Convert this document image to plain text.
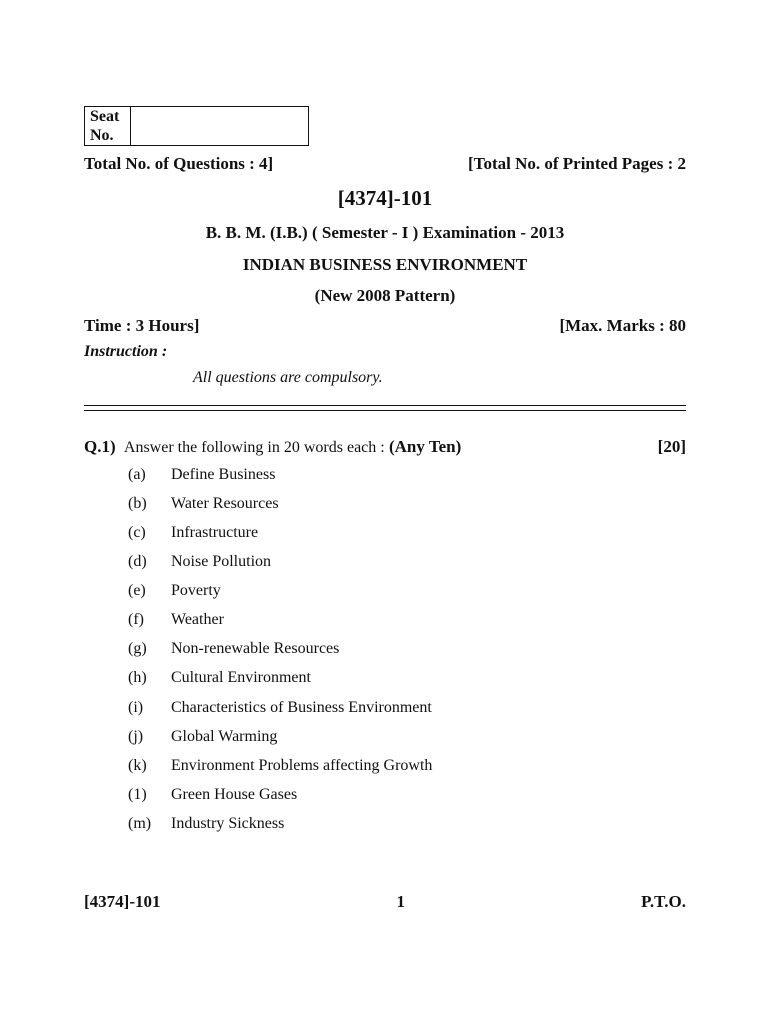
Seat
No.
Total No. of Questions : 4]	[Total No. of Printed Pages : 2
[4374]-101
B. B. M. (I.B.) ( Semester - I ) Examination - 2013
INDIAN BUSINESS ENVIRONMENT
(New 2008 Pattern)
Time : 3 Hours]	[Max. Marks : 80
Instruction :
All questions are compulsory.
Q.1) Answer the following in 20 words each : (Any Ten)	[20]
(a) Define Business
(b) Water Resources
(c) Infrastructure
(d) Noise Pollution
(e) Poverty
(f) Weather
(g) Non-renewable Resources
(h) Cultural Environment
(i) Characteristics of Business Environment
(j) Global Warming
(k) Environment Problems affecting Growth
(1) Green House Gases
(m) Industry Sickness
[4374]-101	1	P.T.O.
